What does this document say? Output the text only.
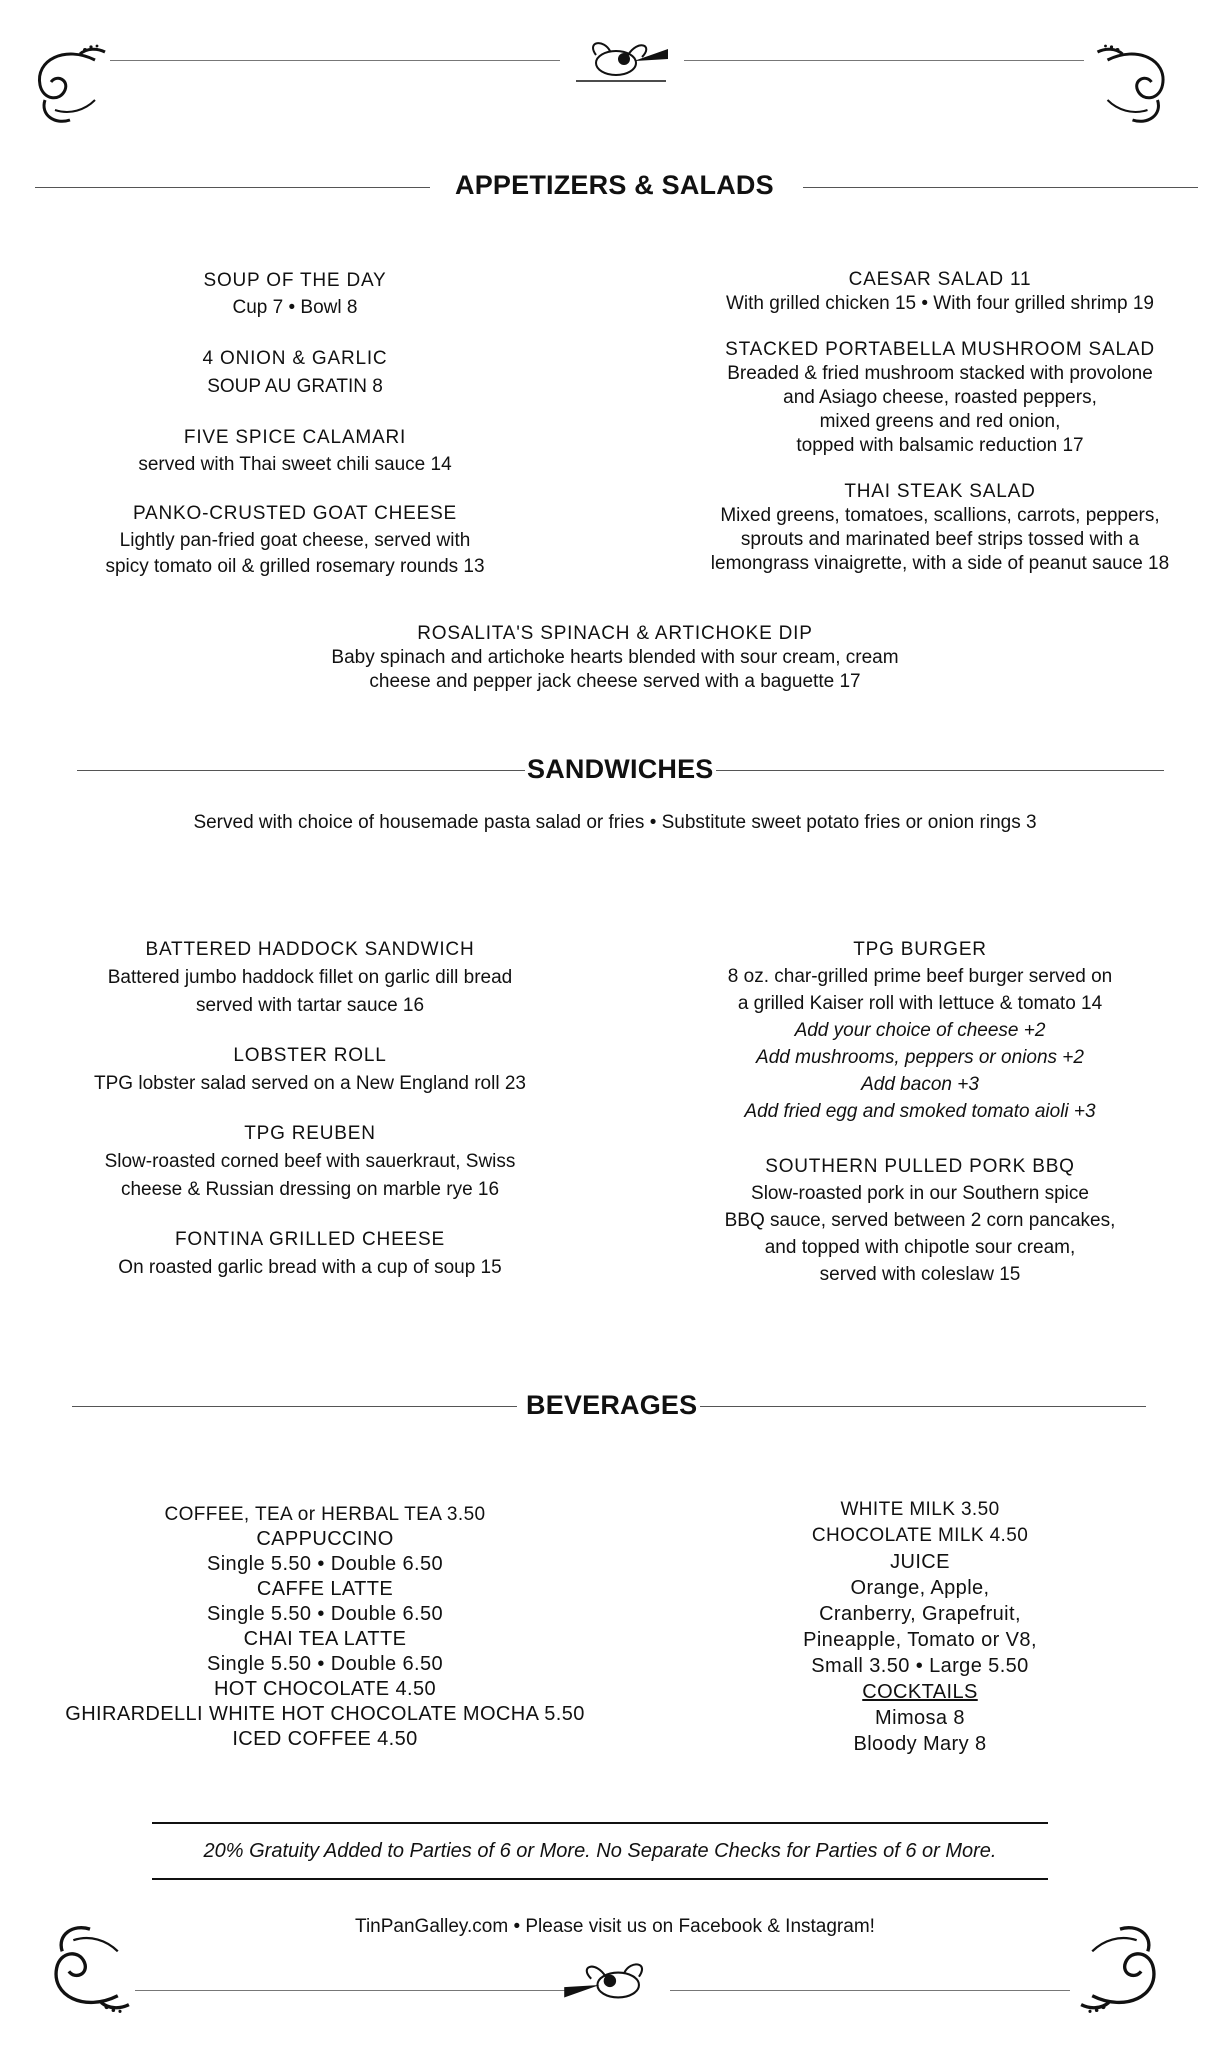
APPETIZERS & SALADS
SOUP OF THE DAY
Cup 7 • Bowl 8
4 ONION & GARLIC
SOUP AU GRATIN 8
FIVE SPICE CALAMARI
served with Thai sweet chili sauce 14
PANKO-CRUSTED GOAT CHEESE
Lightly pan-fried goat cheese, served with
spicy tomato oil & grilled rosemary rounds 13
CAESAR SALAD 11
With grilled chicken 15 • With four grilled shrimp 19
STACKED PORTABELLA MUSHROOM SALAD
Breaded & fried mushroom stacked with provolone
and Asiago cheese, roasted peppers,
mixed greens and red onion,
topped with balsamic reduction 17
THAI STEAK SALAD
Mixed greens, tomatoes, scallions, carrots, peppers,
sprouts and marinated beef strips tossed with a
lemongrass vinaigrette, with a side of peanut sauce 18
ROSALITA'S SPINACH & ARTICHOKE DIP
Baby spinach and artichoke hearts blended with sour cream, cream
cheese and pepper jack cheese served with a baguette 17
SANDWICHES
Served with choice of housemade pasta salad or fries • Substitute sweet potato fries or onion rings 3
BATTERED HADDOCK SANDWICH
Battered jumbo haddock fillet on garlic dill bread
served with tartar sauce 16
LOBSTER ROLL
TPG lobster salad served on a New England roll 23
TPG REUBEN
Slow-roasted corned beef with sauerkraut, Swiss
cheese & Russian dressing on marble rye 16
FONTINA GRILLED CHEESE
On roasted garlic bread with a cup of soup 15
TPG BURGER
8 oz. char-grilled prime beef burger served on
a grilled Kaiser roll with lettuce & tomato 14
Add your choice of cheese +2
Add mushrooms, peppers or onions +2
Add bacon +3
Add fried egg and smoked tomato aioli +3
SOUTHERN PULLED PORK BBQ
Slow-roasted pork in our Southern spice
BBQ sauce, served between 2 corn pancakes,
and topped with chipotle sour cream,
served with coleslaw 15
BEVERAGES
COFFEE, TEA or HERBAL TEA 3.50
CAPPUCCINO
Single 5.50 • Double 6.50
CAFFE LATTE
Single 5.50 • Double 6.50
CHAI TEA LATTE
Single 5.50 • Double 6.50
HOT CHOCOLATE 4.50
GHIRARDELLI WHITE HOT CHOCOLATE MOCHA 5.50
ICED COFFEE 4.50
WHITE MILK 3.50
CHOCOLATE MILK 4.50
JUICE
Orange, Apple,
Cranberry, Grapefruit,
Pineapple, Tomato or V8,
Small 3.50 • Large 5.50
COCKTAILS
Mimosa 8
Bloody Mary 8
20% Gratuity Added to Parties of 6 or More. No Separate Checks for Parties of 6 or More.
TinPanGalley.com • Please visit us on Facebook & Instagram!
